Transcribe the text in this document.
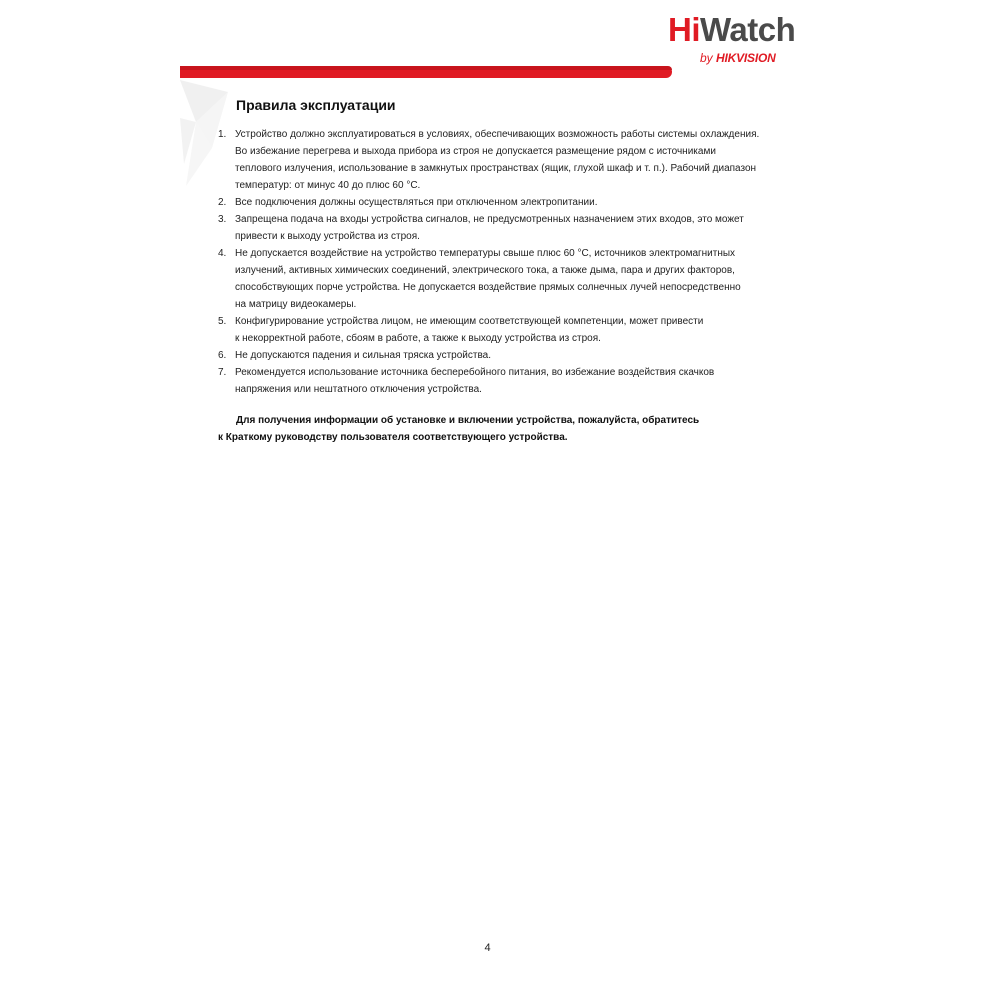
HiWatch
by HIKVISION
Правила эксплуатации
1. Устройство должно эксплуатироваться в условиях, обеспечивающих возможность работы системы охлаждения.
Во избежание перегрева и выхода прибора из строя не допускается размещение рядом с источниками
теплового излучения, использование в замкнутых пространствах (ящик, глухой шкаф и т. п.). Рабочий диапазон
температур: от минус 40 до плюс 60 °С.
2. Все подключения должны осуществляться при отключенном электропитании.
3. Запрещена подача на входы устройства сигналов, не предусмотренных назначением этих входов, это может
привести к выходу устройства из строя.
4. Не допускается воздействие на устройство температуры свыше плюс 60 °С, источников электромагнитных
излучений, активных химических соединений, электрического тока, а также дыма, пара и других факторов,
способствующих порче устройства. Не допускается воздействие прямых солнечных лучей непосредственно
на матрицу видеокамеры.
5. Конфигурирование устройства лицом, не имеющим соответствующей компетенции, может привести
к некорректной работе, сбоям в работе, а также к выходу устройства из строя.
6. Не допускаются падения и сильная тряска устройства.
7. Рекомендуется использование источника бесперебойного питания, во избежание воздействия скачков
напряжения или нештатного отключения устройства.

Для получения информации об установке и включении устройства, пожалуйста, обратитесь
к Краткому руководству пользователя соответствующего устройства.

4
